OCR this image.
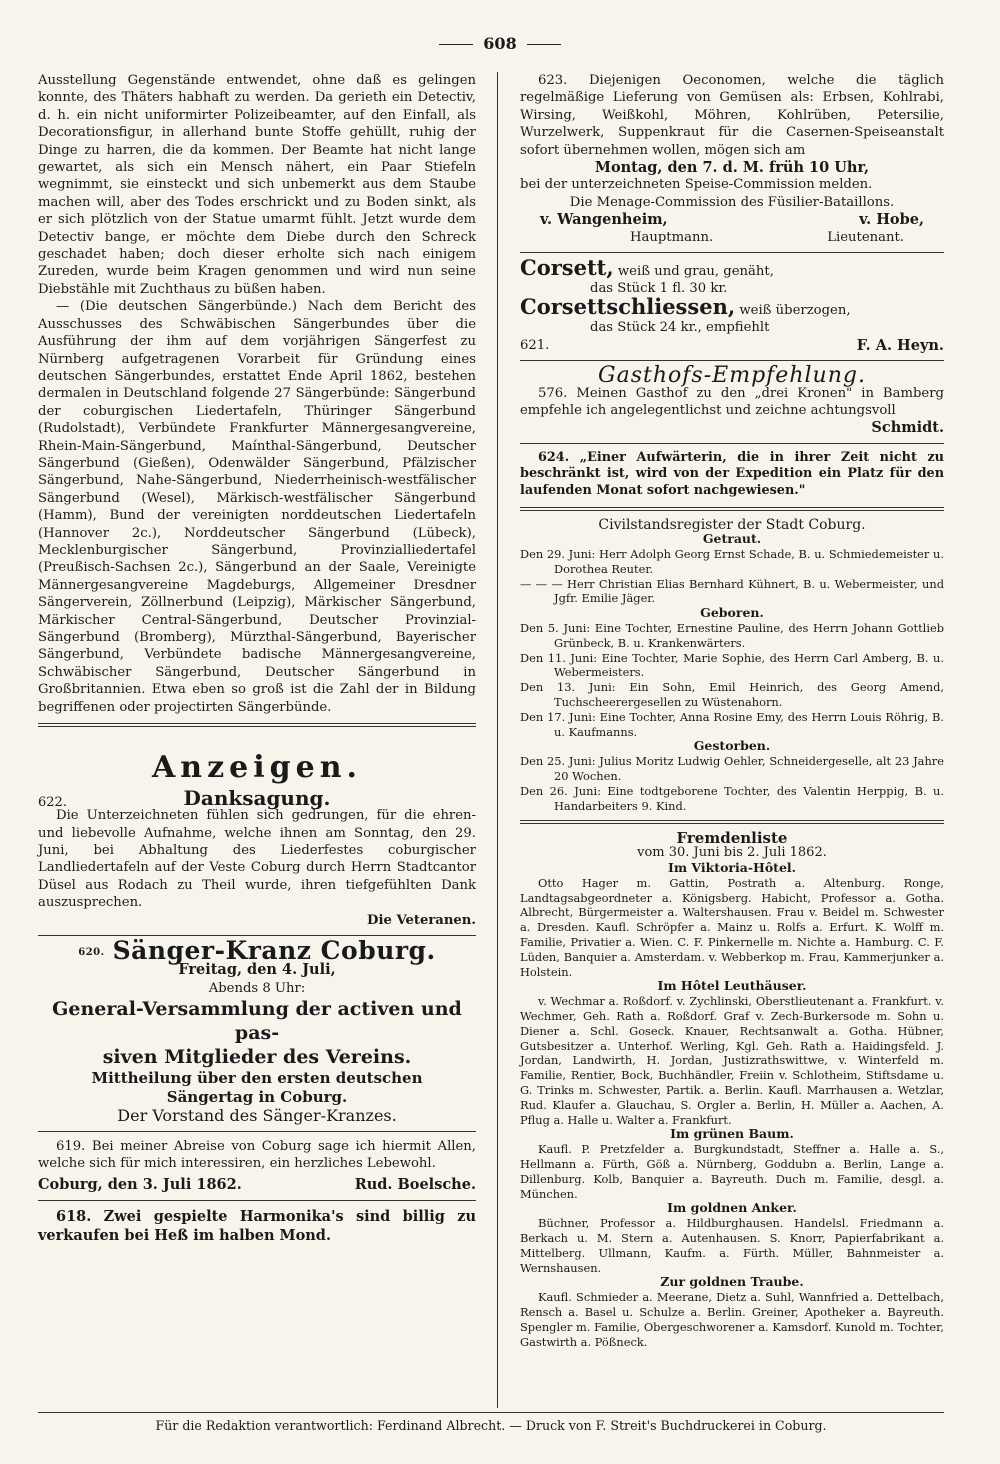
608

Ausstellung Gegenstände entwendet, ohne daß es gelingen konnte, des Thäters habhaft zu werden. Da gerieth ein Detectiv, d. h. ein nicht uniformirter Polizeibeamter, auf den Einfall, als Decorationsfigur, in allerhand bunte Stoffe gehüllt, ruhig der Dinge zu harren, die da kommen. Der Beamte hat nicht lange gewartet, als sich ein Mensch nähert, ein Paar Stiefeln wegnimmt, sie einsteckt und sich unbemerkt aus dem Staube machen will, aber des Todes erschrickt und zu Boden sinkt, als er sich plötzlich von der Statue umarmt fühlt. Jetzt wurde dem Detectiv bange, er möchte dem Diebe durch den Schreck geschadet haben; doch dieser erholte sich nach einigem Zureden, wurde beim Kragen genommen und wird nun seine Diebstähle mit Zuchthaus zu büßen haben.

— (Die deutschen Sängerbünde.) Nach dem Bericht des Ausschusses des Schwäbischen Sängerbundes über die Ausführung der ihm auf dem vorjährigen Sängerfest zu Nürnberg aufgetragenen Vorarbeit für Gründung eines deutschen Sängerbundes, erstattet Ende April 1862, bestehen dermalen in Deutschland folgende 27 Sängerbünde: Sängerbund der coburgischen Liedertafeln, Thüringer Sängerbund (Rudolstadt), Verbündete Frankfurter Männergesangvereine, Rhein-Main-Sängerbund, Maínthal-Sängerbund, Deutscher Sängerbund (Gießen), Odenwälder Sängerbund, Pfälzischer Sängerbund, Nahe-Sängerbund, Niederrheinisch-westfälischer Sängerbund (Wesel), Märkisch-westfälischer Sängerbund (Hamm), Bund der vereinigten norddeutschen Liedertafeln (Hannover 2c.), Norddeutscher Sängerbund (Lübeck), Mecklenburgischer Sängerbund, Provinzialliedertafel (Preußisch-Sachsen 2c.), Sängerbund an der Saale, Vereinigte Männergesangvereine Magdeburgs, Allgemeiner Dresdner Sängerverein, Zöllnerbund (Leipzig), Märkischer Sängerbund, Märkischer Central-Sängerbund, Deutscher Provinzial-Sängerbund (Bromberg), Mürzthal-Sängerbund, Bayerischer Sängerbund, Verbündete badische Männergesangvereine, Schwäbischer Sängerbund, Deutscher Sängerbund in Großbritannien. Etwa eben so groß ist die Zahl der in Bildung begriffenen oder projectirten Sängerbünde.

Anzeigen.
622.	Danksagung.

Die Unterzeichneten fühlen sich gedrungen, für die ehren- und liebevolle Aufnahme, welche ihnen am Sonntag, den 29. Juni, bei Abhaltung des Liederfestes coburgischer Landliedertafeln auf der Veste Coburg durch Herrn Stadtcantor Düsel aus Rodach zu Theil wurde, ihren tiefgefühlten Dank auszusprechen.

Die Veteranen.
620. Sänger-Kranz Coburg.
Freitag, den 4. Juli,
Abends 8 Uhr:
General-Versammlung der activen und pas-
siven Mitglieder des Vereins.
Mittheilung über den ersten deutschen
Sängertag in Coburg.
Der Vorstand des Sänger-Kranzes.

619. Bei meiner Abreise von Coburg sage ich hiermit Allen, welche sich für mich interessiren, ein herzliches Lebewohl.

Coburg, den 3. Juli 1862.	Rud. Boelsche.

618. Zwei gespielte Harmonika's sind billig zu verkaufen bei Heß im halben Mond.

623. Diejenigen Oeconomen, welche die täglich regelmäßige Lieferung von Gemüsen als: Erbsen, Kohlrabi, Wirsing, Weißkohl, Möhren, Kohlrüben, Petersilie, Wurzelwerk, Suppenkraut für die Casernen-Speiseanstalt sofort übernehmen wollen, mögen sich am

Montag, den 7. d. M. früh 10 Uhr,

bei der unterzeichneten Speise-Commission melden.

Die Menage-Commission des Füsilier-Bataillons.
v. Wangenheim,	v. Hobe,
Hauptmann.	Lieutenant.
Corsett, weiß und grau, genäht,
das Stück 1 fl. 30 kr.
Corsettschliessen, weiß überzogen,
das Stück 24 kr., empfiehlt
621.	F. A. Heyn.
Gasthofs-Empfehlung.

576. Meinen Gasthof zu den „drei Kronen" in Bamberg empfehle ich angelegentlichst und zeichne achtungsvoll

Schmidt.

624. „Einer Aufwärterin, die in ihrer Zeit nicht zu beschränkt ist, wird von der Expedition ein Platz für den laufenden Monat sofort nachgewiesen."

Civilstandsregister der Stadt Coburg.
Getraut.

Den 29. Juni: Herr Adolph Georg Ernst Schade, B. u. Schmiedemeister u. Dorothea Reuter.

— — — Herr Christian Elias Bernhard Kühnert, B. u. Webermeister, und Jgfr. Emilie Jäger.

Geboren.

Den 5. Juni: Eine Tochter, Ernestine Pauline, des Herrn Johann Gottlieb Grünbeck, B. u. Krankenwärters.

Den 11. Juni: Eine Tochter, Marie Sophie, des Herrn Carl Amberg, B. u. Webermeisters.

Den 13. Juni: Ein Sohn, Emil Heinrich, des Georg Amend, Tuchscheerergesellen zu Wüstenahorn.

Den 17. Juni: Eine Tochter, Anna Rosine Emy, des Herrn Louis Röhrig, B. u. Kaufmanns.

Gestorben.

Den 25. Juni: Julius Moritz Ludwig Oehler, Schneidergeselle, alt 23 Jahre 20 Wochen.

Den 26. Juni: Eine todtgeborene Tochter, des Valentin Herppig, B. u. Handarbeiters 9. Kind.

Fremdenliste
vom 30. Juni bis 2. Juli 1862.
Im Viktoria-Hôtel.

Otto Hager m. Gattin, Postrath a. Altenburg. Ronge, Landtagsabgeordneter a. Königsberg. Habicht, Professor a. Gotha. Albrecht, Bürgermeister a. Waltershausen. Frau v. Beidel m. Schwester a. Dresden. Kaufl. Schröpfer a. Mainz u. Rolfs a. Erfurt. K. Wolff m. Familie, Privatier a. Wien. C. F. Pinkernelle m. Nichte a. Hamburg. C. F. Lüden, Banquier a. Amsterdam. v. Webberkop m. Frau, Kammerjunker a. Holstein.

Im Hôtel Leuthäuser.

v. Wechmar a. Roßdorf. v. Zychlinski, Oberstlieutenant a. Frankfurt. v. Wechmer, Geh. Rath a. Roßdorf. Graf v. Zech-Burkersode m. Sohn u. Diener a. Schl. Goseck. Knauer, Rechtsanwalt a. Gotha. Hübner, Gutsbesitzer a. Unterhof. Werling, Kgl. Geh. Rath a. Haidingsfeld. J. Jordan, Landwirth, H. Jordan, Justizrathswittwe, v. Winterfeld m. Familie, Rentier, Bock, Buchhändler, Freiin v. Schlotheim, Stiftsdame u. G. Trinks m. Schwester, Partik. a. Berlin. Kaufl. Marrhausen a. Wetzlar, Rud. Klaufer a. Glauchau, S. Orgler a. Berlin, H. Müller a. Aachen, A. Pflug a. Halle u. Walter a. Frankfurt.

Im grünen Baum.

Kaufl. P. Pretzfelder a. Burgkundstadt, Steffner a. Halle a. S., Hellmann a. Fürth, Göß a. Nürnberg, Goddubn a. Berlin, Lange a. Dillenburg. Kolb, Banquier a. Bayreuth. Duch m. Familie, desgl. a. München.

Im goldnen Anker.

Büchner, Professor a. Hildburghausen. Handelsl. Friedmann a. Berkach u. M. Stern a. Autenhausen. S. Knorr, Papierfabrikant a. Mittelberg. Ullmann, Kaufm. a. Fürth. Müller, Bahnmeister a. Wernshausen.

Zur goldnen Traube.

Kaufl. Schmieder a. Meerane, Dietz a. Suhl, Wannfried a. Dettelbach, Rensch a. Basel u. Schulze a. Berlin. Greiner, Apotheker a. Bayreuth. Spengler m. Familie, Obergeschworener a. Kamsdorf. Kunold m. Tochter, Gastwirth a. Pößneck.

Für die Redaktion verantwortlich: Ferdinand Albrecht. — Druck von F. Streit's Buchdruckerei in Coburg.
